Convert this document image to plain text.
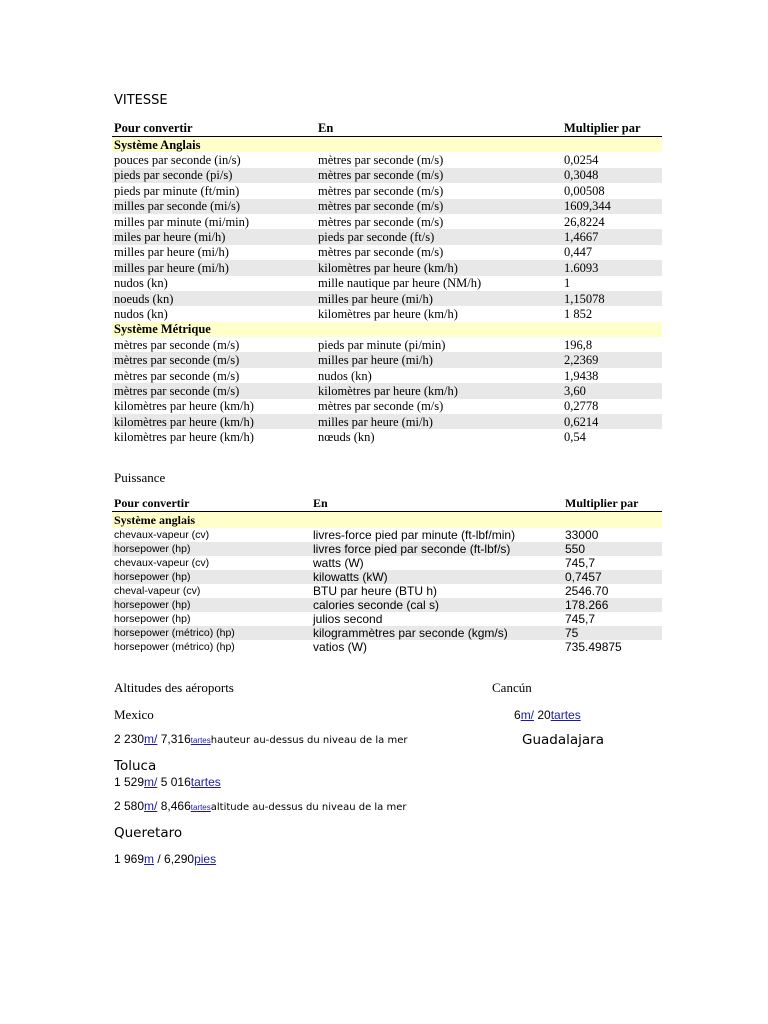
VITESSE
Pour convertir	En	Multiplier par
Système Anglais		
pouces par seconde (in/s)	mètres par seconde (m/s)	0,0254
pieds par seconde (pi/s)	mètres par seconde (m/s)	0,3048
pieds par minute (ft/min)	mètres par seconde (m/s)	0,00508
milles par seconde (mi/s)	mètres par seconde (m/s)	1609,344
milles par minute (mi/min)	mètres par seconde (m/s)	26,8224
miles par heure (mi/h)	pieds par seconde (ft/s)	1,4667
milles par heure (mi/h)	mètres par seconde (m/s)	0,447
milles par heure (mi/h)	kilomètres par heure (km/h)	1.6093
nudos (kn)	mille nautique par heure (NM/h)	1
noeuds (kn)	milles par heure (mi/h)	1,15078
nudos (kn)	kilomètres par heure (km/h)	1 852
Système Métrique		
mètres par seconde (m/s)	pieds par minute (pi/min)	196,8
mètres par seconde (m/s)	milles par heure (mi/h)	2,2369
mètres par seconde (m/s)	nudos (kn)	1,9438
mètres par seconde (m/s)	kilomètres par heure (km/h)	3,60
kilomètres par heure (km/h)	mètres par seconde (m/s)	0,2778
kilomètres par heure (km/h)	milles par heure (mi/h)	0,6214
kilomètres par heure (km/h)	nœuds (kn)	0,54
Puissance
Pour convertir	En	Multiplier par
Système anglais		
chevaux-vapeur (cv)	livres-force pied par minute (ft-lbf/min)	33000
horsepower (hp)	livres force pied par seconde (ft-lbf/s)	550
chevaux-vapeur (cv)	watts (W)	745,7
horsepower (hp)	kilowatts (kW)	0,7457
cheval-vapeur (cv)	BTU par heure (BTU h)	2546.70
horsepower (hp)	calories seconde (cal s)	178.266
horsepower (hp)	julios second	745,7
horsepower (métrico) (hp)	kilogrammètres par seconde (kgm/s)	75
horsepower (métrico) (hp)	vatios (W)	735.49875
Altitudes des aéroports	Cancún
Mexico	6m/ 20tartes
2 230m/ 7,316tarteshauteur au-dessus du niveau de la mer	Guadalajara
Toluca
1 529m/ 5 016tartes
2 580m/ 8,466tartesaltitude au-dessus du niveau de la mer
Queretaro
1 969m / 6,290pies
